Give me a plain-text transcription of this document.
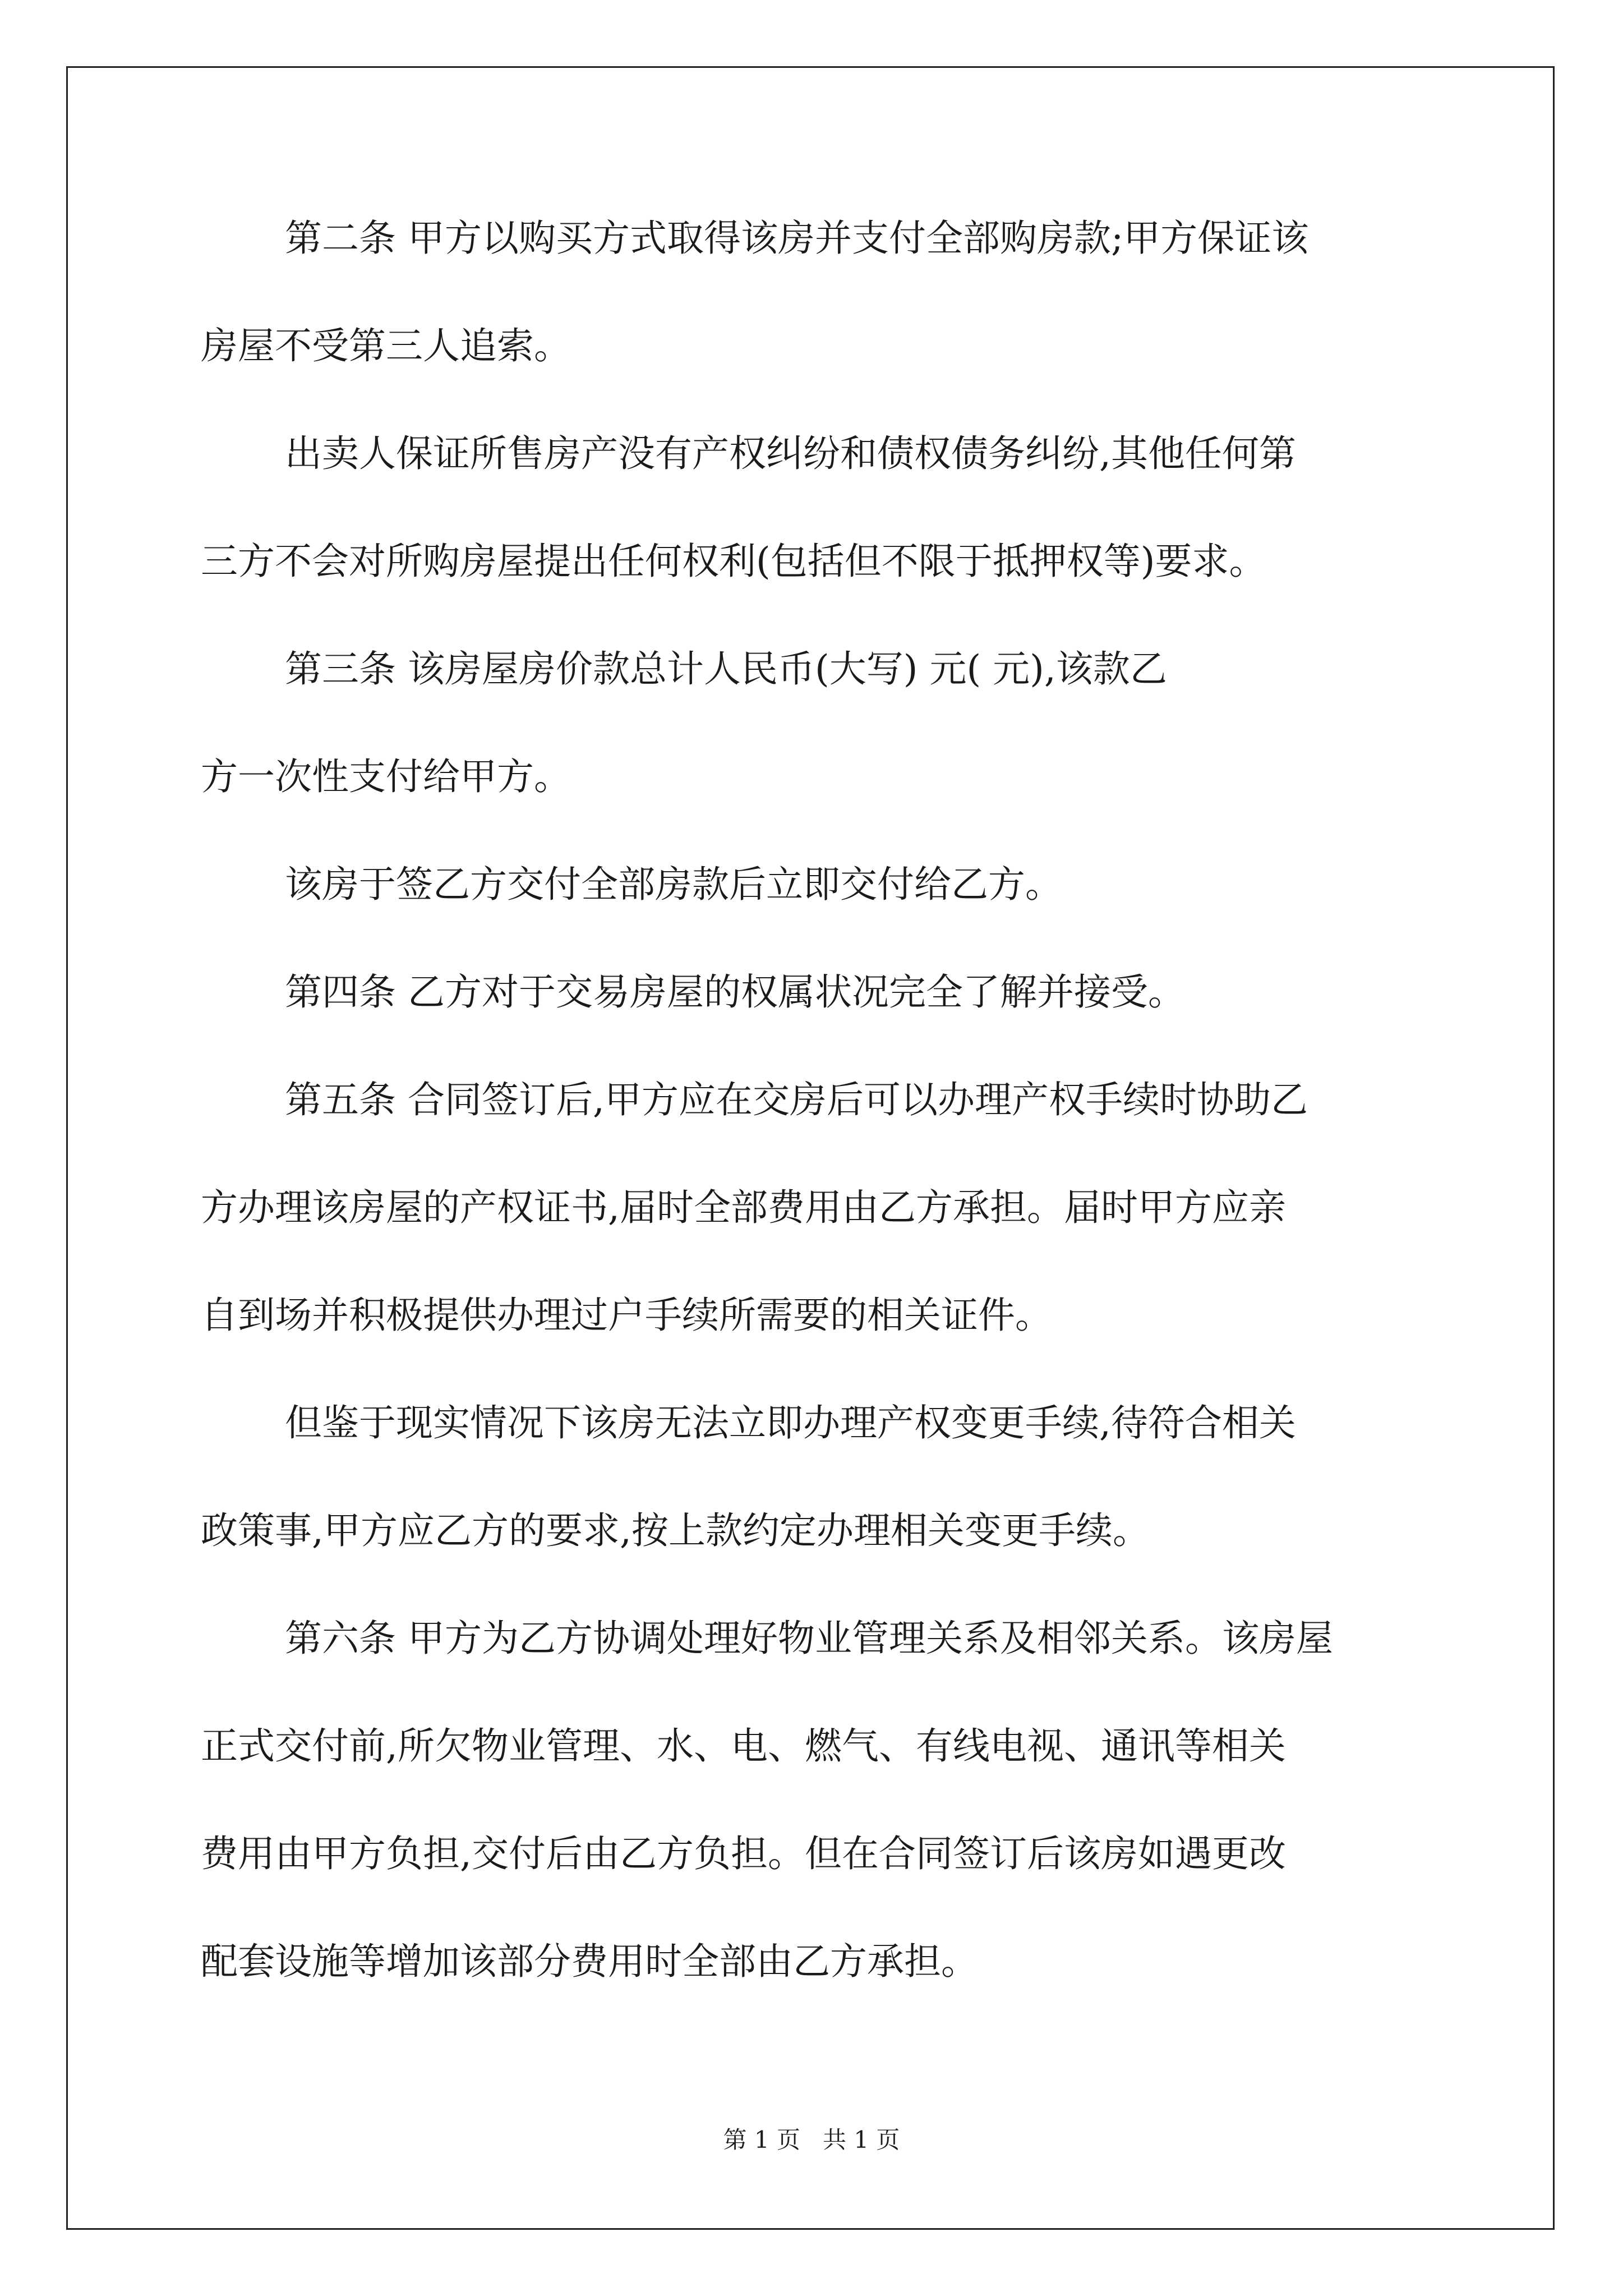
第二条 甲方以购买方式取得该房并支付全部购房款;甲方保证该
房屋不受第三人追索。
出卖人保证所售房产没有产权纠纷和债权债务纠纷,其他任何第
三方不会对所购房屋提出任何权利(包括但不限于抵押权等)要求。
第三条 该房屋房价款总计人民币(大写) 元( 元),该款乙
方一次性支付给甲方。
该房于签乙方交付全部房款后立即交付给乙方。
第四条 乙方对于交易房屋的权属状况完全了解并接受。
第五条 合同签订后,甲方应在交房后可以办理产权手续时协助乙
方办理该房屋的产权证书,届时全部费用由乙方承担。届时甲方应亲
自到场并积极提供办理过户手续所需要的相关证件。
但鉴于现实情况下该房无法立即办理产权变更手续,待符合相关
政策事,甲方应乙方的要求,按上款约定办理相关变更手续。
第六条 甲方为乙方协调处理好物业管理关系及相邻关系。该房屋
正式交付前,所欠物业管理、水、电、燃气、有线电视、通讯等相关
费用由甲方负担,交付后由乙方负担。但在合同签订后该房如遇更改
配套设施等增加该部分费用时全部由乙方承担。
第 1 页 共 1 页
